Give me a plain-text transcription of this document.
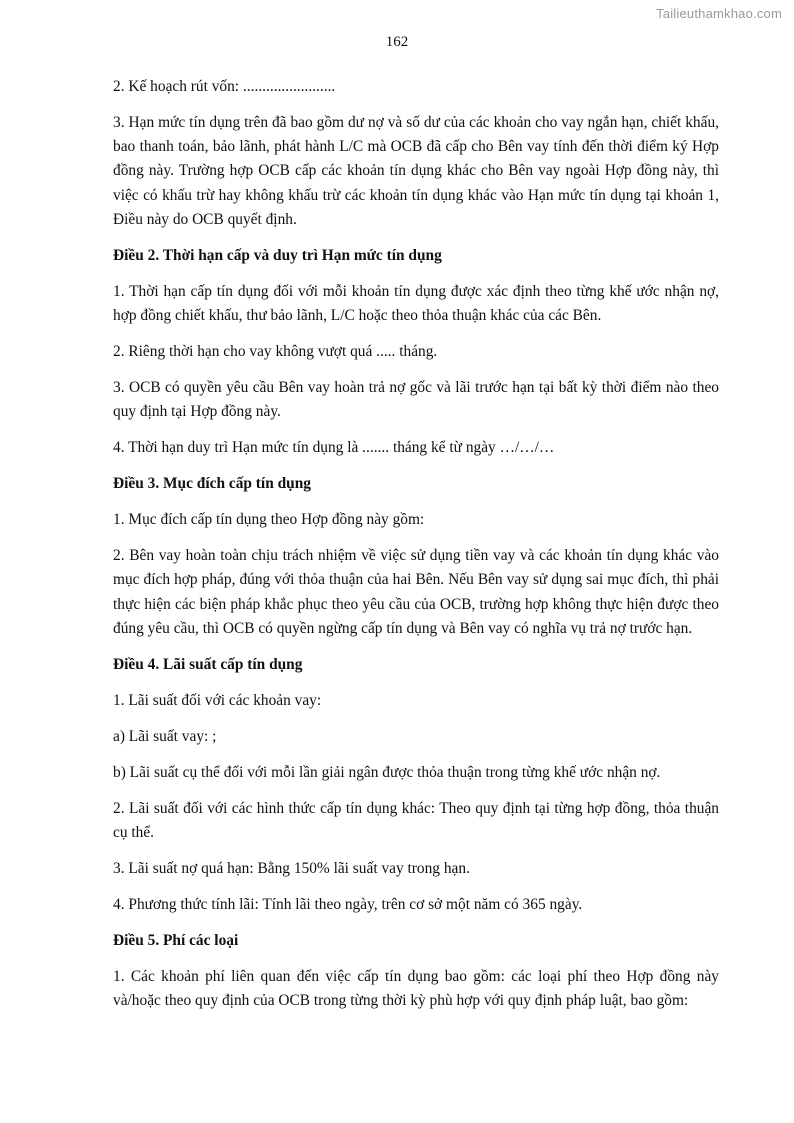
Tailieuthamkhao.com
162

2. Kế hoạch rút vốn: ........................

3. Hạn mức tín dụng trên đã bao gồm dư nợ và số dư của các khoản cho vay ngắn hạn, chiết khấu, bao thanh toán, bảo lãnh, phát hành L/C mà OCB đã cấp cho Bên vay tính đến thời điểm ký Hợp đồng này. Trường hợp OCB cấp các khoản tín dụng khác cho Bên vay ngoài Hợp đồng này, thì việc có khấu trừ hay không khấu trừ các khoản tín dụng khác vào Hạn mức tín dụng tại khoản 1, Điều này do OCB quyết định.

Điều 2. Thời hạn cấp và duy trì Hạn mức tín dụng

1. Thời hạn cấp tín dụng đối với mỗi khoản tín dụng được xác định theo từng khế ước nhận nợ, hợp đồng chiết khấu, thư bảo lãnh, L/C hoặc theo thỏa thuận khác của các Bên.

2. Riêng thời hạn cho vay không vượt quá ..... tháng.

3. OCB có quyền yêu cầu Bên vay hoàn trả nợ gốc và lãi trước hạn tại bất kỳ thời điểm nào theo quy định tại Hợp đồng này.

4. Thời hạn duy trì Hạn mức tín dụng là ....... tháng kể từ ngày …/…/…

Điều 3. Mục đích cấp tín dụng

1. Mục đích cấp tín dụng theo Hợp đồng này gồm:

2. Bên vay hoàn toàn chịu trách nhiệm về việc sử dụng tiền vay và các khoản tín dụng khác vào mục đích hợp pháp, đúng với thỏa thuận của hai Bên. Nếu Bên vay sử dụng sai mục đích, thì phải thực hiện các biện pháp khắc phục theo yêu cầu của OCB, trường hợp không thực hiện được theo đúng yêu cầu, thì OCB có quyền ngừng cấp tín dụng và Bên vay có nghĩa vụ trả nợ trước hạn.

Điều 4. Lãi suất cấp tín dụng

1. Lãi suất đối với các khoản vay:

a) Lãi suất vay: ;

b) Lãi suất cụ thể đối với mỗi lần giải ngân được thỏa thuận trong từng khế ước nhận nợ.

2. Lãi suất đối với các hình thức cấp tín dụng khác: Theo quy định tại từng hợp đồng, thỏa thuận cụ thể.

3. Lãi suất nợ quá hạn: Bằng 150% lãi suất vay trong hạn.

4. Phương thức tính lãi: Tính lãi theo ngày, trên cơ sở một năm có 365 ngày.

Điều 5. Phí các loại

1. Các khoản phí liên quan đến việc cấp tín dụng bao gồm: các loại phí theo Hợp đồng này và/hoặc theo quy định của OCB trong từng thời kỳ phù hợp với quy định pháp luật, bao gồm:
